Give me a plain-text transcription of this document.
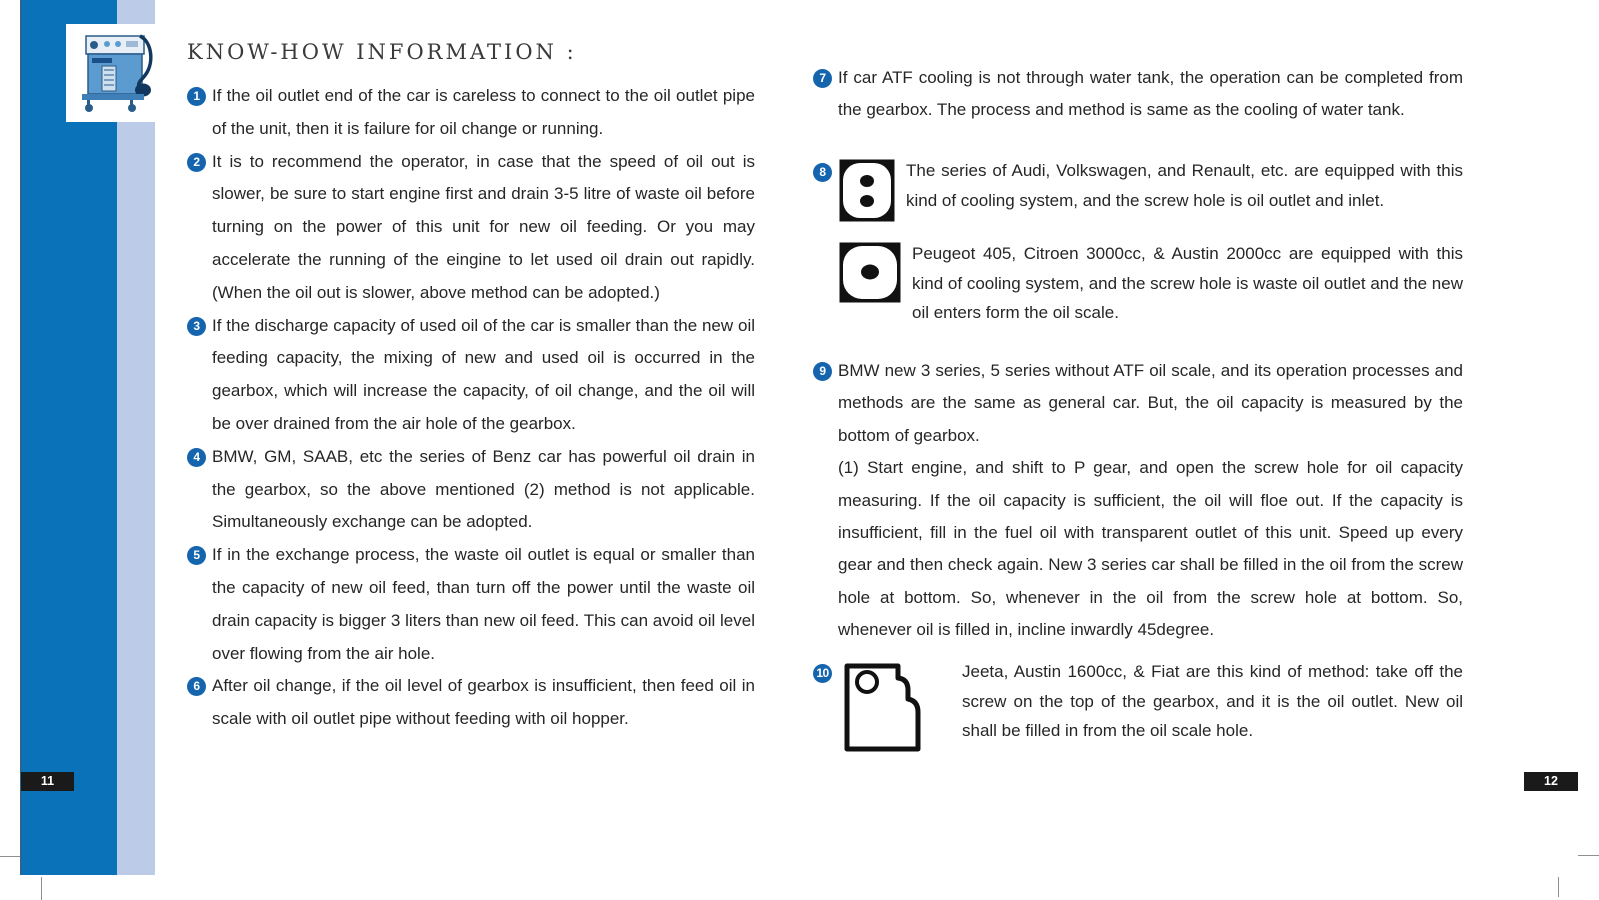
11	12
KNOW-HOW INFORMATION :
1 If the oil outlet end of the car is careless to connect to the oil outlet pipe of the unit, then it is failure for oil change or running.
2 It is to recommend the operator, in case that the speed of oil out is slower, be sure to start engine first and drain 3-5 litre of waste oil before turning on the power of this unit for new oil feeding. Or you may accelerate the running of the eingine to let used oil drain out rapidly. (When the oil out is slower, above method can be adopted.)
3 If the discharge capacity of used oil of the car is smaller than the new oil feeding capacity, the mixing of new and used oil is occurred in the gearbox, which will increase the capacity, of oil change, and the oil will be over drained from the air hole of the gearbox.
4 BMW, GM, SAAB, etc the series of Benz car has powerful oil drain in the gearbox, so the above mentioned (2) method is not applicable. Simultaneously exchange can be adopted.
5 If in the exchange process, the waste oil outlet is equal or smaller than the capacity of new oil feed, than turn off the power until the waste oil drain capacity is bigger 3 liters than new oil feed. This can avoid oil level over flowing from the air hole.
6 After oil change, if the oil level of gearbox is insufficient, then feed oil in scale with oil outlet pipe without feeding with oil hopper.
7 If car ATF cooling is not through water tank, the operation can be completed from the gearbox. The process and method is same as the cooling of water tank.
8	The series of Audi, Volkswagen, and Renault, etc. are equipped with this kind of cooling system, and the screw hole is oil outlet and inlet.
Peugeot 405, Citroen 3000cc, & Austin 2000cc are equipped with this kind of cooling system, and the screw hole is waste oil outlet and the new oil enters form the oil scale.
9 BMW new 3 series, 5 series without ATF oil scale, and its operation processes and methods are the same as general car. But, the oil capacity is measured by the bottom of gearbox.

(1) Start engine, and shift to P gear, and open the screw hole for oil capacity measuring. If the oil capacity is sufficient, the oil will floe out. If the capacity is insufficient, fill in the fuel oil with transparent outlet of this unit. Speed up every gear and then check again. New 3 series car shall be filled in the oil from the screw hole at bottom. So, whenever in the oil from the screw hole at bottom. So, whenever oil is filled in, incline inwardly 45degree.

10	Jeeta, Austin 1600cc, & Fiat are this kind of method: take off the screw on the top of the gearbox, and it is the oil outlet. New oil shall be filled in from the oil scale hole.
